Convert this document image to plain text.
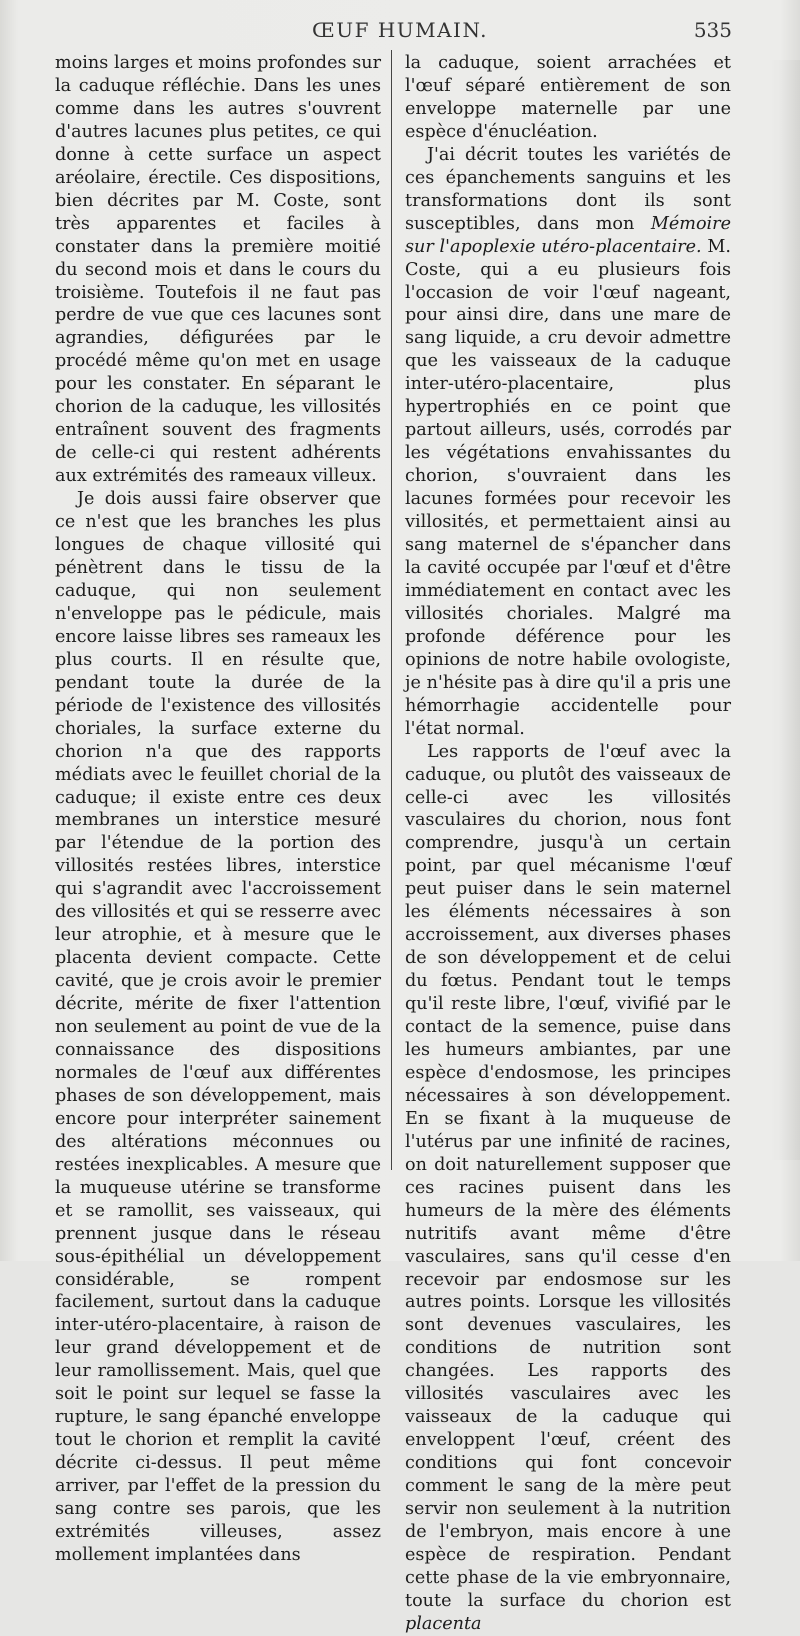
ŒUF HUMAIN.	535

moins larges et moins profondes sur la caduque réfléchie. Dans les unes comme dans les autres s'ouvrent d'autres lacunes plus petites, ce qui donne à cette surface un aspect aréolaire, érectile. Ces dispositions, bien décrites par M. Coste, sont très apparentes et faciles à constater dans la première moitié du second mois et dans le cours du troisième. Toutefois il ne faut pas perdre de vue que ces lacunes sont agrandies, défigurées par le procédé même qu'on met en usage pour les constater. En séparant le chorion de la caduque, les villosités entraînent souvent des fragments de celle-ci qui restent adhérents aux extrémités des rameaux villeux.

Je dois aussi faire observer que ce n'est que les branches les plus longues de chaque villosité qui pénètrent dans le tissu de la caduque, qui non seulement n'enveloppe pas le pédicule, mais encore laisse libres ses rameaux les plus courts. Il en résulte que, pendant toute la durée de la période de l'existence des villosités choriales, la surface externe du chorion n'a que des rapports médiats avec le feuillet chorial de la caduque; il existe entre ces deux membranes un interstice mesuré par l'étendue de la portion des villosités restées libres, interstice qui s'agrandit avec l'accroissement des villosités et qui se resserre avec leur atrophie, et à mesure que le placenta devient compacte. Cette cavité, que je crois avoir le premier décrite, mérite de fixer l'attention non seulement au point de vue de la connaissance des dispositions normales de l'œuf aux différentes phases de son développement, mais encore pour interpréter sainement des altérations méconnues ou restées inexplicables. A mesure que la muqueuse utérine se transforme et se ramollit, ses vaisseaux, qui prennent jusque dans le réseau sous-épithélial un développement considérable, se rompent facilement, surtout dans la caduque inter-utéro-placentaire, à raison de leur grand développement et de leur ramollissement. Mais, quel que soit le point sur lequel se fasse la rupture, le sang épanché enveloppe tout le chorion et remplit la cavité décrite ci-dessus. Il peut même arriver, par l'effet de la pression du sang contre ses parois, que les extrémités villeuses, assez mollement implantées dans

la caduque, soient arrachées et l'œuf séparé entièrement de son enveloppe maternelle par une espèce d'énucléation.

J'ai décrit toutes les variétés de ces épanchements sanguins et les transformations dont ils sont susceptibles, dans mon Mémoire sur l'apoplexie utéro-placentaire. M. Coste, qui a eu plusieurs fois l'occasion de voir l'œuf nageant, pour ainsi dire, dans une mare de sang liquide, a cru devoir admettre que les vaisseaux de la caduque inter-utéro-placentaire, plus hypertrophiés en ce point que partout ailleurs, usés, corrodés par les végétations envahissantes du chorion, s'ouvraient dans les lacunes formées pour recevoir les villosités, et permettaient ainsi au sang maternel de s'épancher dans la cavité occupée par l'œuf et d'être immédiatement en contact avec les villosités choriales. Malgré ma profonde déférence pour les opinions de notre habile ovologiste, je n'hésite pas à dire qu'il a pris une hémorrhagie accidentelle pour l'état normal.

Les rapports de l'œuf avec la caduque, ou plutôt des vaisseaux de celle-ci avec les villosités vasculaires du chorion, nous font comprendre, jusqu'à un certain point, par quel mécanisme l'œuf peut puiser dans le sein maternel les éléments nécessaires à son accroissement, aux diverses phases de son développement et de celui du fœtus. Pendant tout le temps qu'il reste libre, l'œuf, vivifié par le contact de la semence, puise dans les humeurs ambiantes, par une espèce d'endosmose, les principes nécessaires à son développement. En se fixant à la muqueuse de l'utérus par une infinité de racines, on doit naturellement supposer que ces racines puisent dans les humeurs de la mère des éléments nutritifs avant même d'être vasculaires, sans qu'il cesse d'en recevoir par endosmose sur les autres points. Lorsque les villosités sont devenues vasculaires, les conditions de nutrition sont changées. Les rapports des villosités vasculaires avec les vaisseaux de la caduque qui enveloppent l'œuf, créent des conditions qui font concevoir comment le sang de la mère peut servir non seulement à la nutrition de l'embryon, mais encore à une espèce de respiration. Pendant cette phase de la vie embryonnaire, toute la surface du chorion est placenta
